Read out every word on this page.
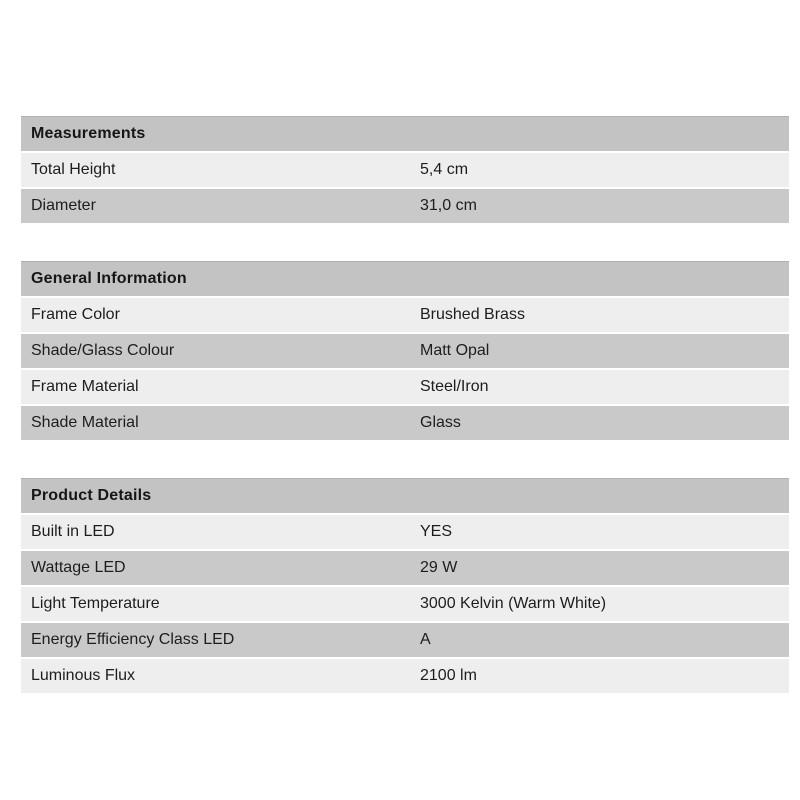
Measurements	
Total Height	5,4 cm
Diameter	31,0 cm
General Information	
Frame Color	Brushed Brass
Shade/Glass Colour	Matt Opal
Frame Material	Steel/Iron
Shade Material	Glass
Product Details	
Built in LED	YES
Wattage LED	29 W
Light Temperature	3000 Kelvin (Warm White)
Energy Efficiency Class LED	A
Luminous Flux	2100 lm
